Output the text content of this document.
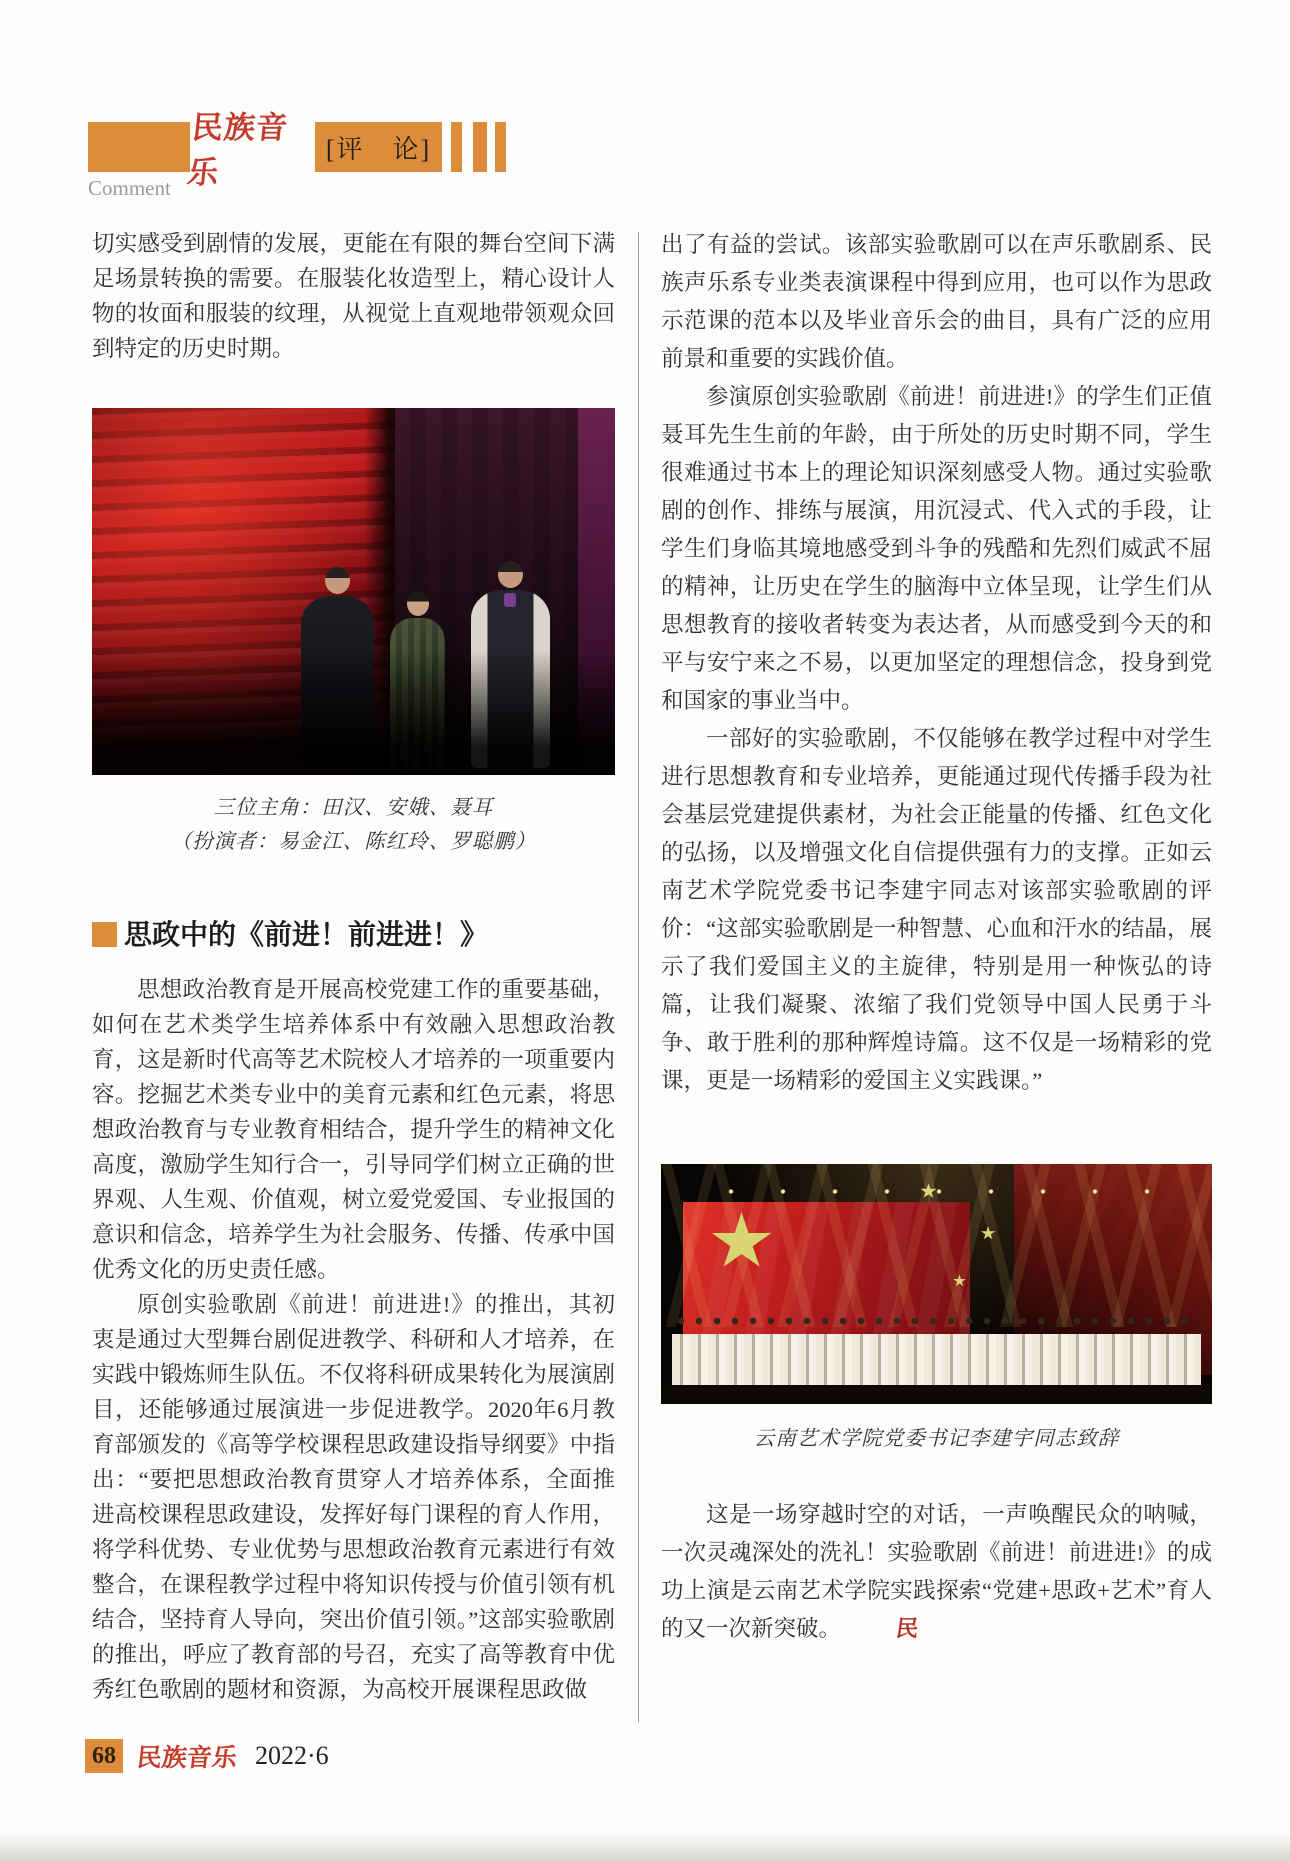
民族音乐
[评　论]
Comment

切实感受到剧情的发展，更能在有限的舞台空间下满足场景转换的需要。在服装化妆造型上，精心设计人物的妆面和服装的纹理，从视觉上直观地带领观众回到特定的历史时期。

三位主角：田汉、安娥、聂耳
（扮演者：易金江、陈红玲、罗聪鹏）
思政中的《前进！前进进！》

思想政治教育是开展高校党建工作的重要基础，如何在艺术类学生培养体系中有效融入思想政治教育，这是新时代高等艺术院校人才培养的一项重要内容。挖掘艺术类专业中的美育元素和红色元素，将思想政治教育与专业教育相结合，提升学生的精神文化高度，激励学生知行合一，引导同学们树立正确的世界观、人生观、价值观，树立爱党爱国、专业报国的意识和信念，培养学生为社会服务、传播、传承中国优秀文化的历史责任感。

原创实验歌剧《前进！前进进!》的推出，其初衷是通过大型舞台剧促进教学、科研和人才培养，在实践中锻炼师生队伍。不仅将科研成果转化为展演剧目，还能够通过展演进一步促进教学。2020年6月教育部颁发的《高等学校课程思政建设指导纲要》中指出：“要把思想政治教育贯穿人才培养体系，全面推进高校课程思政建设，发挥好每门课程的育人作用，将学科优势、专业优势与思想政治教育元素进行有效整合，在课程教学过程中将知识传授与价值引领有机结合，坚持育人导向，突出价值引领。”这部实验歌剧的推出，呼应了教育部的号召，充实了高等教育中优秀红色歌剧的题材和资源，为高校开展课程思政做

出了有益的尝试。该部实验歌剧可以在声乐歌剧系、民族声乐系专业类表演课程中得到应用，也可以作为思政示范课的范本以及毕业音乐会的曲目，具有广泛的应用前景和重要的实践价值。

参演原创实验歌剧《前进！前进进!》的学生们正值聂耳先生生前的年龄，由于所处的历史时期不同，学生很难通过书本上的理论知识深刻感受人物。通过实验歌剧的创作、排练与展演，用沉浸式、代入式的手段，让学生们身临其境地感受到斗争的残酷和先烈们威武不屈的精神，让历史在学生的脑海中立体呈现，让学生们从思想教育的接收者转变为表达者，从而感受到今天的和平与安宁来之不易，以更加坚定的理想信念，投身到党和国家的事业当中。

一部好的实验歌剧，不仅能够在教学过程中对学生进行思想教育和专业培养，更能通过现代传播手段为社会基层党建提供素材，为社会正能量的传播、红色文化的弘扬，以及增强文化自信提供强有力的支撑。正如云南艺术学院党委书记李建宇同志对该部实验歌剧的评价：“这部实验歌剧是一种智慧、心血和汗水的结晶，展示了我们爱国主义的主旋律，特别是用一种恢弘的诗篇，让我们凝聚、浓缩了我们党领导中国人民勇于斗争、敢于胜利的那种辉煌诗篇。这不仅是一场精彩的党课，更是一场精彩的爱国主义实践课。”

云南艺术学院党委书记李建宇同志致辞

这是一场穿越时空的对话，一声唤醒民众的呐喊，一次灵魂深处的洗礼！实验歌剧《前进！前进进!》的成功上演是云南艺术学院实践探索“党建+思政+艺术”育人的又一次新突破。 民

68 民族音乐 2022·6
